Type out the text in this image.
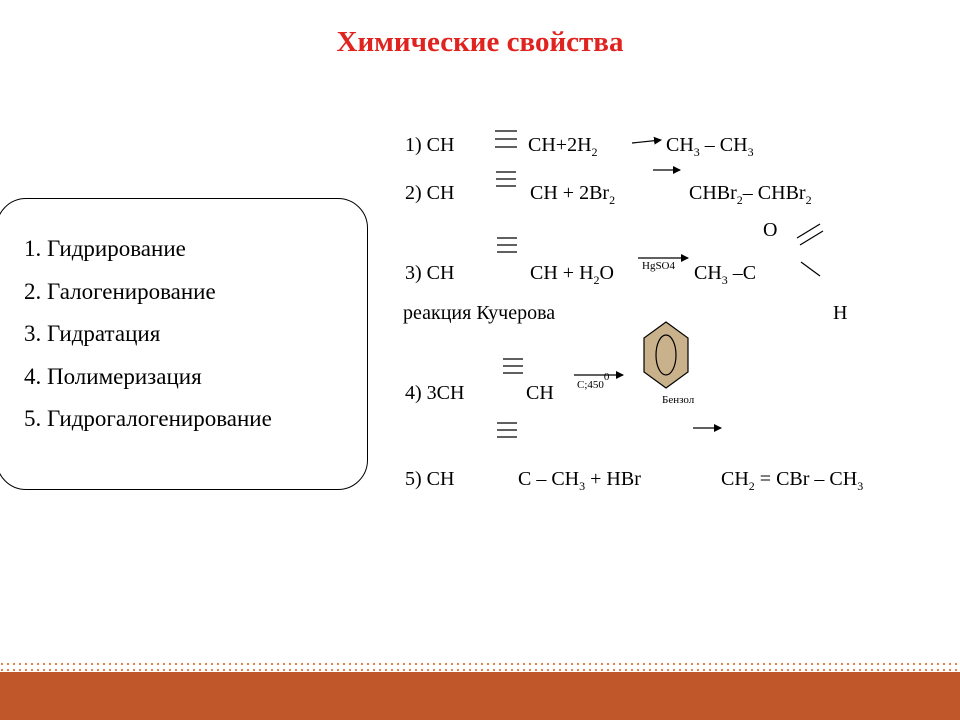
Химические свойства
1. Гидрирование
2. Галогенирование
3. Гидратация
4. Полимеризация
5. Гидрогалогенирование
1) CH	$CH+2H_2$	$CH_3 - CH_3$
2) CH	CH + $2Br_2$	CHBr$_2$– CHBr$_2$
O
3) CH	CH + $H_2O$	HgSO4 $CH_3$ –C
реакция Кучерова	H
4) 3CH	CH $C;450^0$
Бензол
5) CH	C – $CH_3$ + HBr	$CH_2$ = CBr – $CH_3$
